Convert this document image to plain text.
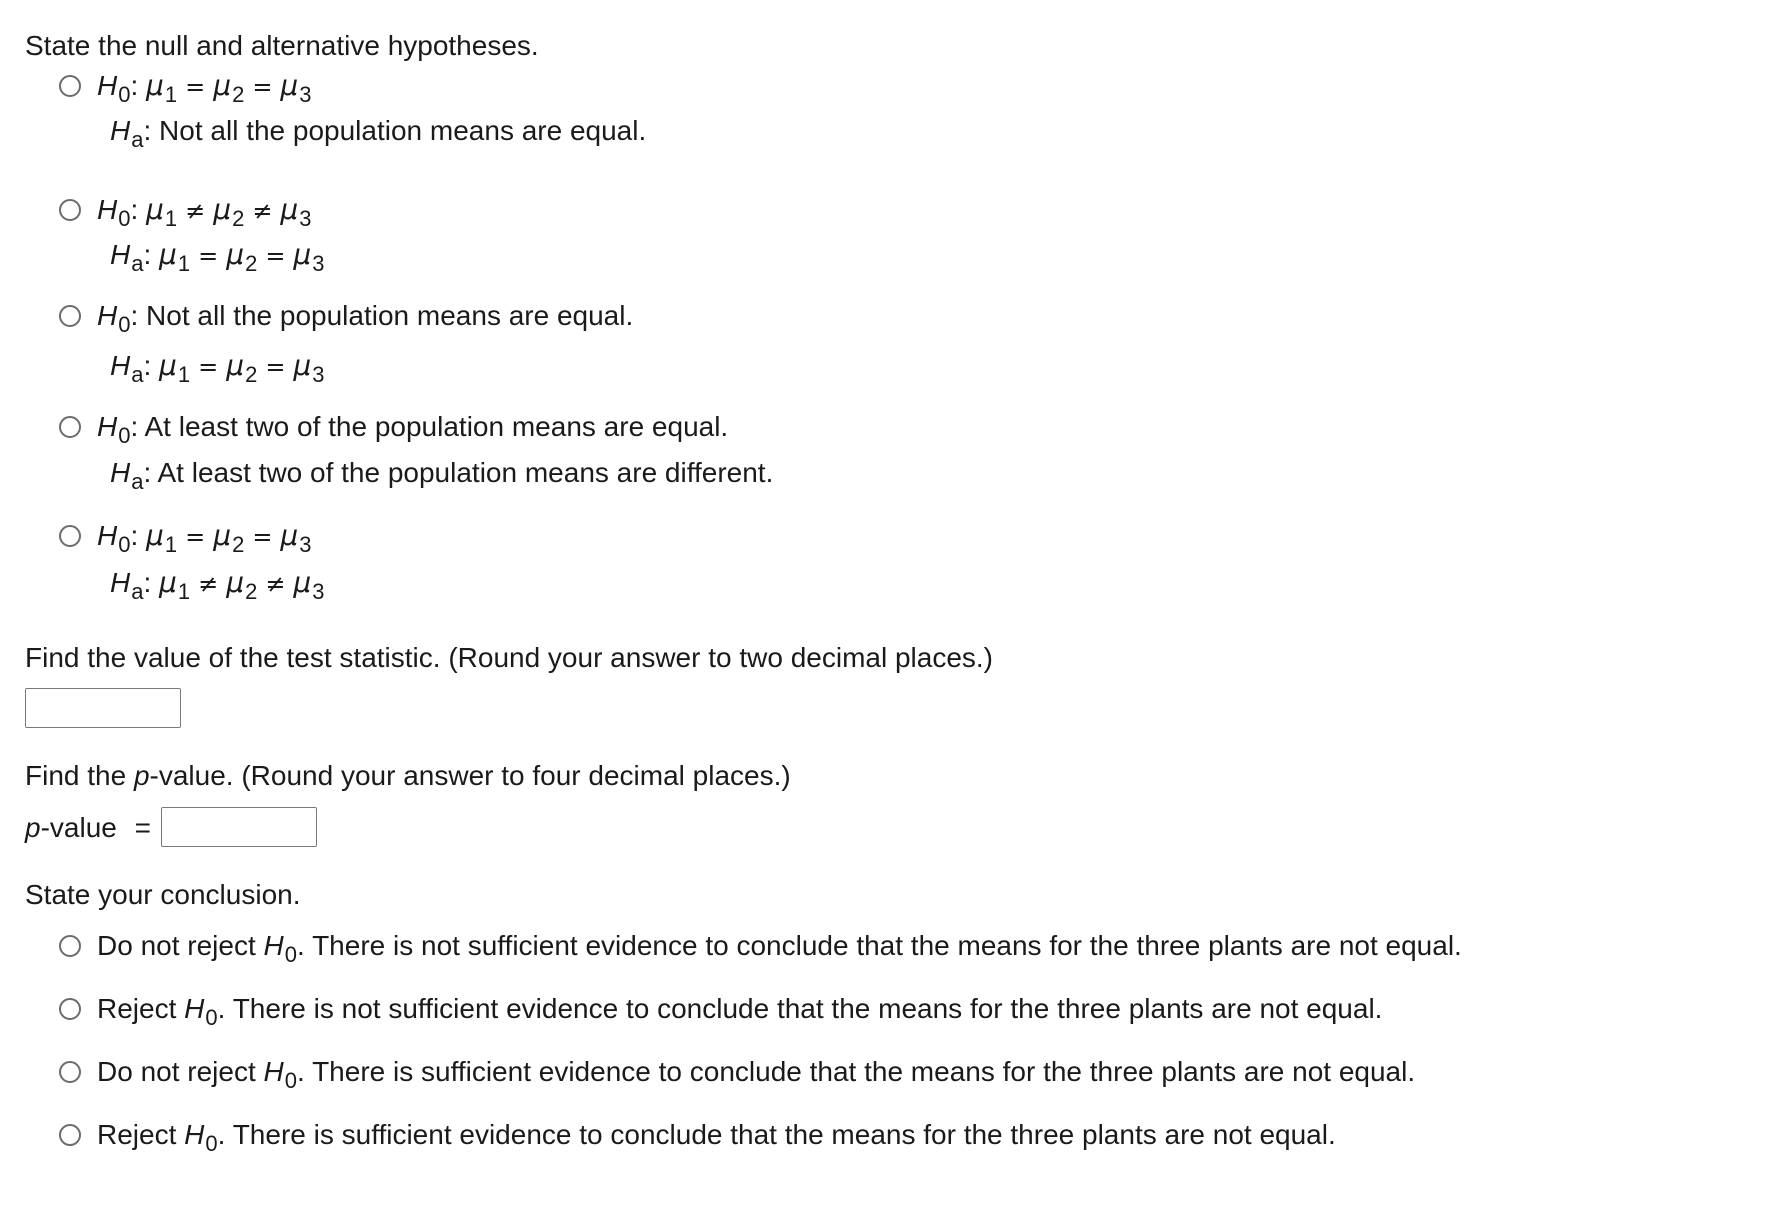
State the null and alternative hypotheses.
$H_0$: $\mu_1 = \mu_2 = \mu_3$
$H_a$: Not all the population means are equal.
$H_0$: $\mu_1 \ne \mu_2 \ne \mu_3$
$H_a$: $\mu_1 = \mu_2 = \mu_3$
$H_0$: Not all the population means are equal.
$H_a$: $\mu_1 = \mu_2 = \mu_3$
$H_0$: At least two of the population means are equal.
$H_a$: At least two of the population means are different.
$H_0$: $\mu_1 = \mu_2 = \mu_3$
$H_a$: $\mu_1 \ne \mu_2 \ne \mu_3$
Find the value of the test statistic. (Round your answer to two decimal places.)
Find the p-value. (Round your answer to four decimal places.)
p-value =
State your conclusion.
Do not reject $H_0$. There is not sufficient evidence to conclude that the means for the three plants are not equal.
Reject $H_0$. There is not sufficient evidence to conclude that the means for the three plants are not equal.
Do not reject $H_0$. There is sufficient evidence to conclude that the means for the three plants are not equal.
Reject $H_0$. There is sufficient evidence to conclude that the means for the three plants are not equal.
